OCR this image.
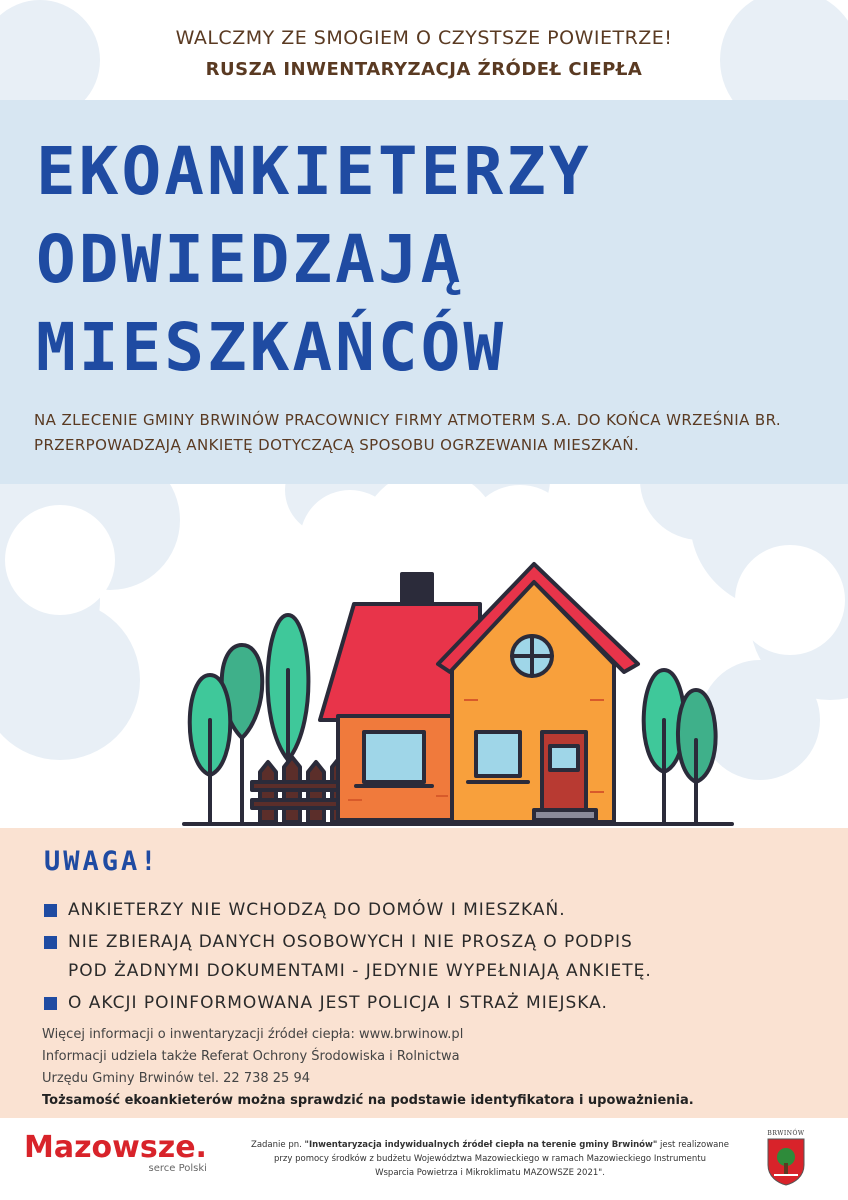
WALCZMY ZE SMOGIEM O CZYSTSZE POWIETRZE!
RUSZA INWENTARYZACJA ŹRÓDEŁ CIEPŁA
EKOANKIETERZY
ODWIEDZAJĄ
MIESZKAŃCÓW
NA ZLECENIE GMINY BRWINÓW PRACOWNICY FIRMY ATMOTERM S.A. DO KOŃCA WRZEŚNIA BR.
PRZERPOWADZAJĄ ANKIETĘ DOTYCZĄCĄ SPOSOBU OGRZEWANIA MIESZKAŃ.
UWAGA!
ANKIETERZY NIE WCHODZĄ DO DOMÓW I MIESZKAŃ.
NIE ZBIERAJĄ DANYCH OSOBOWYCH I NIE PROSZĄ O PODPIS
POD ŻADNYMI DOKUMENTAMI - JEDYNIE WYPEŁNIAJĄ ANKIETĘ.
O AKCJI POINFORMOWANA JEST POLICJA I STRAŻ MIEJSKA.
Więcej informacji o inwentaryzacji źródeł ciepła: www.brwinow.pl
Informacji udziela także Referat Ochrony Środowiska i Rolnictwa
Urzędu Gminy Brwinów tel. 22 738 25 94
Tożsamość ekoankieterów można sprawdzić na podstawie identyfikatora i upoważnienia.
Mazowsze.
serce Polski
Zadanie pn. "Inwentaryzacja indywidualnych źródeł ciepła na terenie gminy Brwinów" jest realizowane
przy pomocy środków z budżetu Województwa Mazowieckiego w ramach Mazowieckiego Instrumentu
Wsparcia Powietrza i Mikroklimatu MAZOWSZE 2021".
BRWINÓW
